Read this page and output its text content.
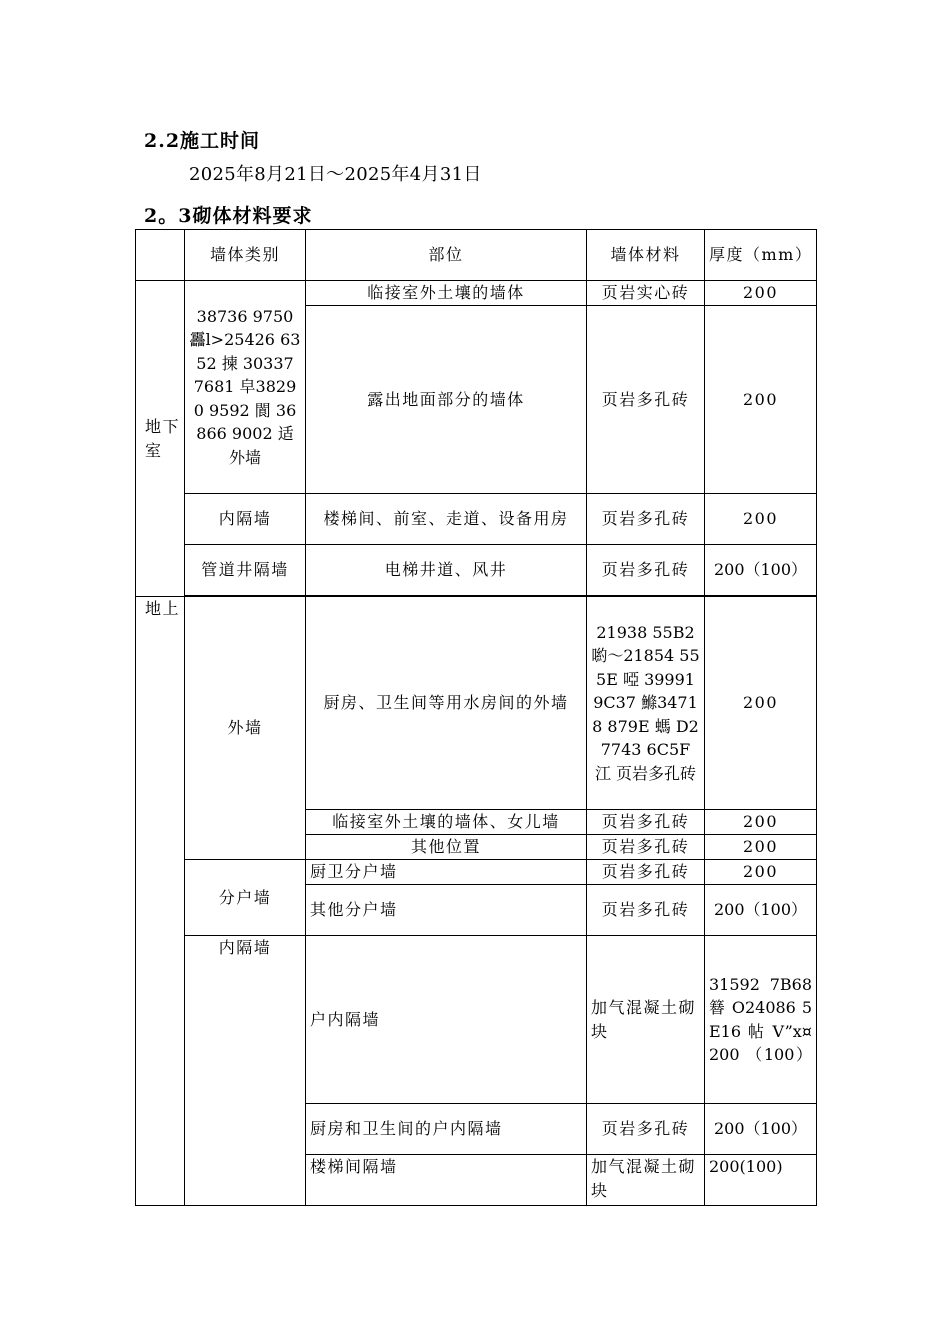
2.2施工时间
2025年8月21日～2025年4月31日
2。3砌体材料要求
	墙体类别	部位	墙体材料	厚度（mm）
地下室	38736 9750 靐l>25426 6352 揀 30337 7681 皁38290 9592 閬 36866 9002 适 外墙	临接室外土壤的墙体	页岩实心砖	200
		露出地面部分的墙体	页岩多孔砖	200
	内隔墙	楼梯间、前室、走道、设备用房	页岩多孔砖	200
	管道井隔墙	电梯井道、风井	页岩多孔砖	200（100）

地上	外墙	厨房、卫生间等用水房间的外墙	21938 55B2 喲～21854 555E 啞 39991 9C37 鰷34718 879E 螞 D27743 6C5F 江 页岩多孔砖	200
		临接室外土壤的墙体、女儿墙	页岩多孔砖	200
		其他位置	页岩多孔砖	200
	分户墙	厨卫分户墙	页岩多孔砖	200
		其他分户墙	页岩多孔砖	200（100）
	内隔墙	户内隔墙	加气混凝土砌块	31592 7B68 簮 O24086 5E16 帖 V”x¤ 200 （100）
		厨房和卫生间的户内隔墙	页岩多孔砖	200（100）
		楼梯间隔墙	加气混凝土砌块	200(100)
